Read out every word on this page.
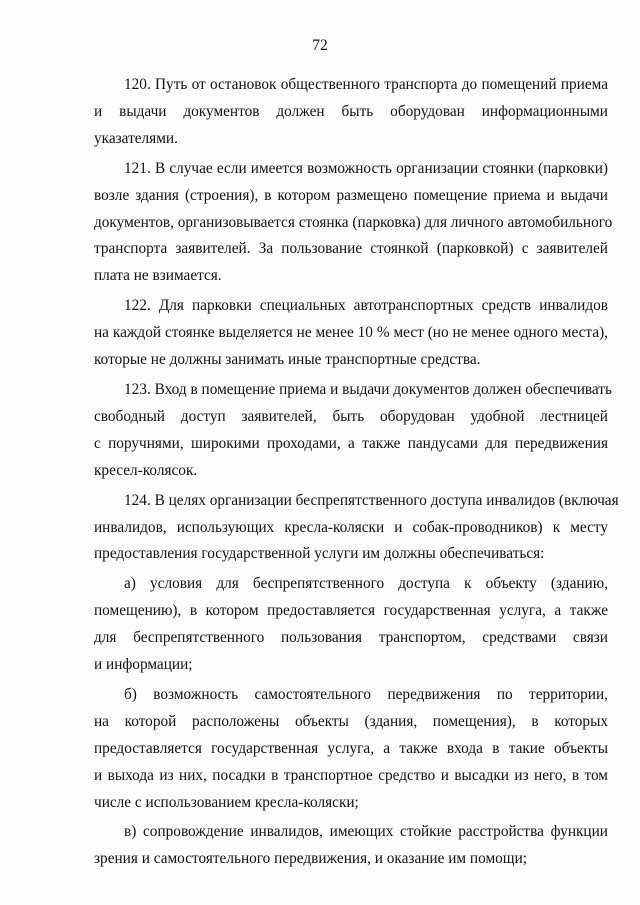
72
120. Путь от остановок общественного транспорта до помещений приема
и выдачи документов должен быть оборудован информационными
указателями.
121. В случае если имеется возможность организации стоянки (парковки)
возле здания (строения), в котором размещено помещение приема и выдачи
документов, организовывается стоянка (парковка) для личного автомобильного
транспорта заявителей. За пользование стоянкой (парковкой) с заявителей
плата не взимается.
122. Для парковки специальных автотранспортных средств инвалидов
на каждой стоянке выделяется не менее 10 % мест (но не менее одного места),
которые не должны занимать иные транспортные средства.
123. Вход в помещение приема и выдачи документов должен обеспечивать
свободный доступ заявителей, быть оборудован удобной лестницей
с поручнями, широкими проходами, а также пандусами для передвижения
кресел-колясок.
124. В целях организации беспрепятственного доступа инвалидов (включая
инвалидов, использующих кресла-коляски и собак-проводников) к месту
предоставления государственной услуги им должны обеспечиваться:
а) условия для беспрепятственного доступа к объекту (зданию,
помещению), в котором предоставляется государственная услуга, а также
для беспрепятственного пользования транспортом, средствами связи
и информации;
б) возможность самостоятельного передвижения по территории,
на которой расположены объекты (здания, помещения), в которых
предоставляется государственная услуга, а также входа в такие объекты
и выхода из них, посадки в транспортное средство и высадки из него, в том
числе с использованием кресла-коляски;
в) сопровождение инвалидов, имеющих стойкие расстройства функции
зрения и самостоятельного передвижения, и оказание им помощи;
